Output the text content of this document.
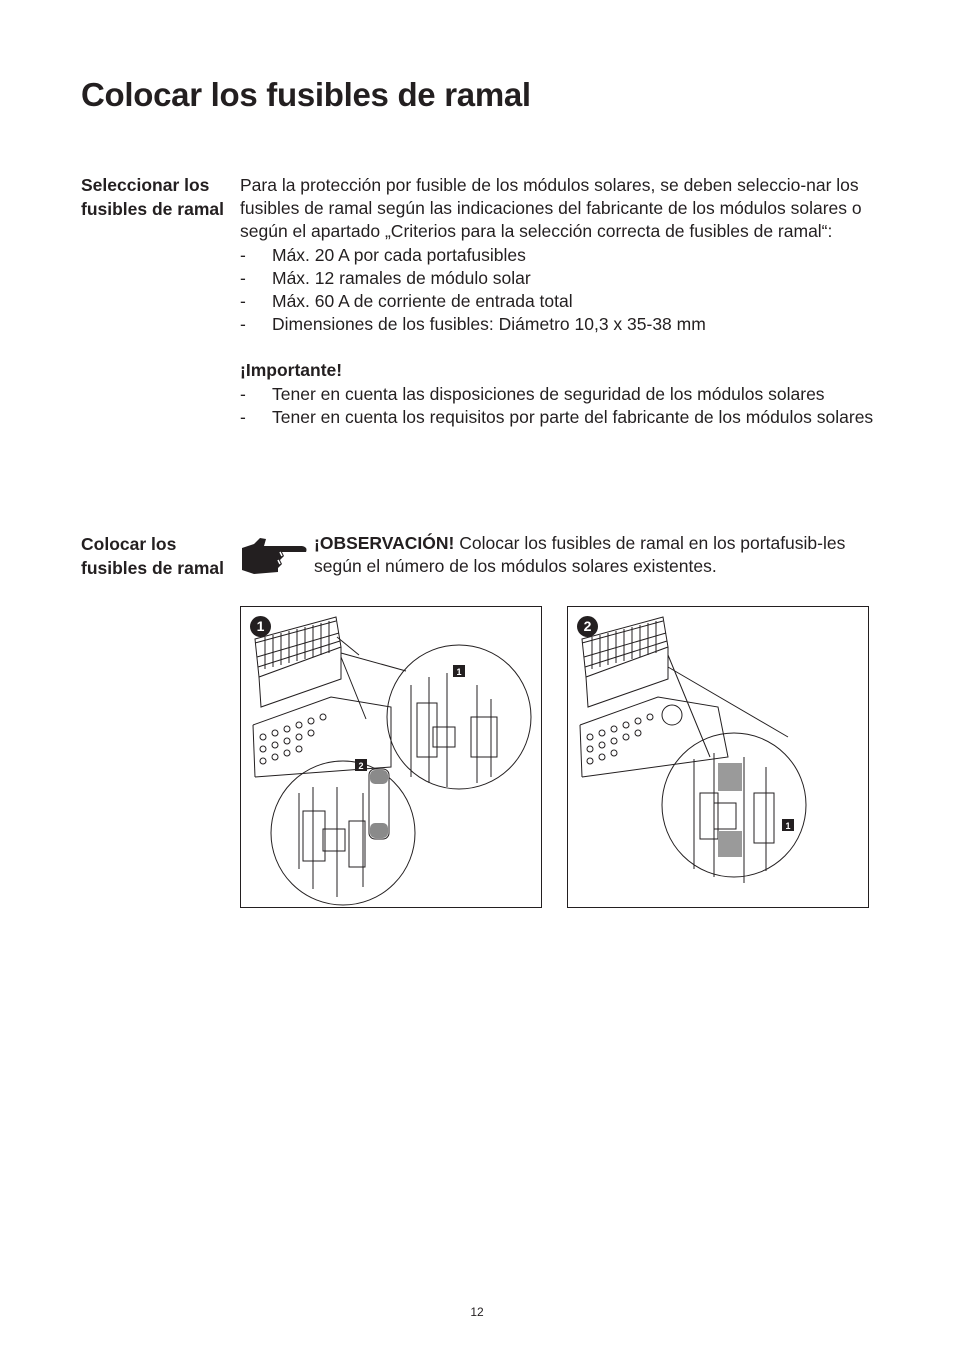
Colocar los fusibles de ramal
Seleccionar los fusibles de ramal

Para la protección por fusible de los módulos solares, se deben seleccio-nar los fusibles de ramal según las indicaciones del fabricante de los módulos solares o según el apartado „Criterios para la selección correcta de fusibles de ramal“:

- Máx. 20 A por cada portafusibles
- Máx. 12 ramales de módulo solar
- Máx. 60 A de corriente de entrada total
- Dimensiones de los fusibles: Diámetro 10,3 x 35-38 mm

¡Importante!

- Tener en cuenta las disposiciones de seguridad de los módulos solares
- Tener en cuenta los requisitos por parte del fabricante de los módulos solares
Colocar los fusibles de ramal
¡OBSERVACIÓN! Colocar los fusibles de ramal en los portafusib-les según el número de los módulos solares existentes.
1
2
1
1
2
12
